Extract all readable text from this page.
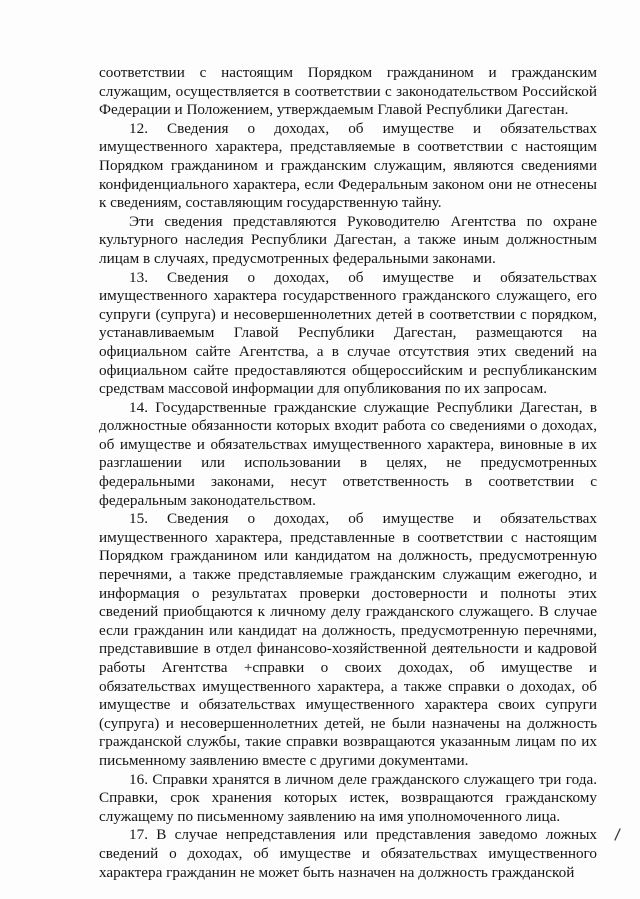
соответствии с настоящим Порядком гражданином и гражданским служащим, осуществляется в соответствии с законодательством Российской Федерации и Положением, утверждаемым Главой Республики Дагестан.

12. Сведения о доходах, об имуществе и обязательствах имущественного характера, представляемые в соответствии с настоящим Порядком гражданином и гражданским служащим, являются сведениями конфиденциального характера, если Федеральным законом они не отнесены к сведениям, составляющим государственную тайну.

Эти сведения представляются Руководителю Агентства по охране культурного наследия Республики Дагестан, а также иным должностным лицам в случаях, предусмотренных федеральными законами.

13. Сведения о доходах, об имуществе и обязательствах имущественного характера государственного гражданского служащего, его супруги (супруга) и несовершеннолетних детей в соответствии с порядком, устанавливаемым Главой Республики Дагестан, размещаются на официальном сайте Агентства, а в случае отсутствия этих сведений на официальном сайте предоставляются общероссийским и республиканским средствам массовой информации для опубликования по их запросам.

14. Государственные гражданские служащие Республики Дагестан, в должностные обязанности которых входит работа со сведениями о доходах, об имуществе и обязательствах имущественного характера, виновные в их разглашении или использовании в целях, не предусмотренных федеральными законами, несут ответственность в соответствии с федеральным законодательством.

15. Сведения о доходах, об имуществе и обязательствах имущественного характера, представленные в соответствии с настоящим Порядком гражданином или кандидатом на должность, предусмотренную перечнями, а также представляемые гражданским служащим ежегодно, и информация о результатах проверки достоверности и полноты этих сведений приобщаются к личному делу гражданского служащего. В случае если гражданин или кандидат на должность, предусмотренную перечнями, представившие в отдел финансово-хозяйственной деятельности и кадровой работы Агентства +справки о своих доходах, об имуществе и обязательствах имущественного характера, а также справки о доходах, об имуществе и обязательствах имущественного характера своих супруги (супруга) и несовершеннолетних детей, не были назначены на должность гражданской службы, такие справки возвращаются указанным лицам по их письменному заявлению вместе с другими документами.

16. Справки хранятся в личном деле гражданского служащего три года. Справки, срок хранения которых истек, возвращаются гражданскому служащему по письменному заявлению на имя уполномоченного лица.

17. В случае непредставления или представления заведомо ложных сведений о доходах, об имуществе и обязательствах имущественного характера гражданин не может быть назначен на должность гражданской
